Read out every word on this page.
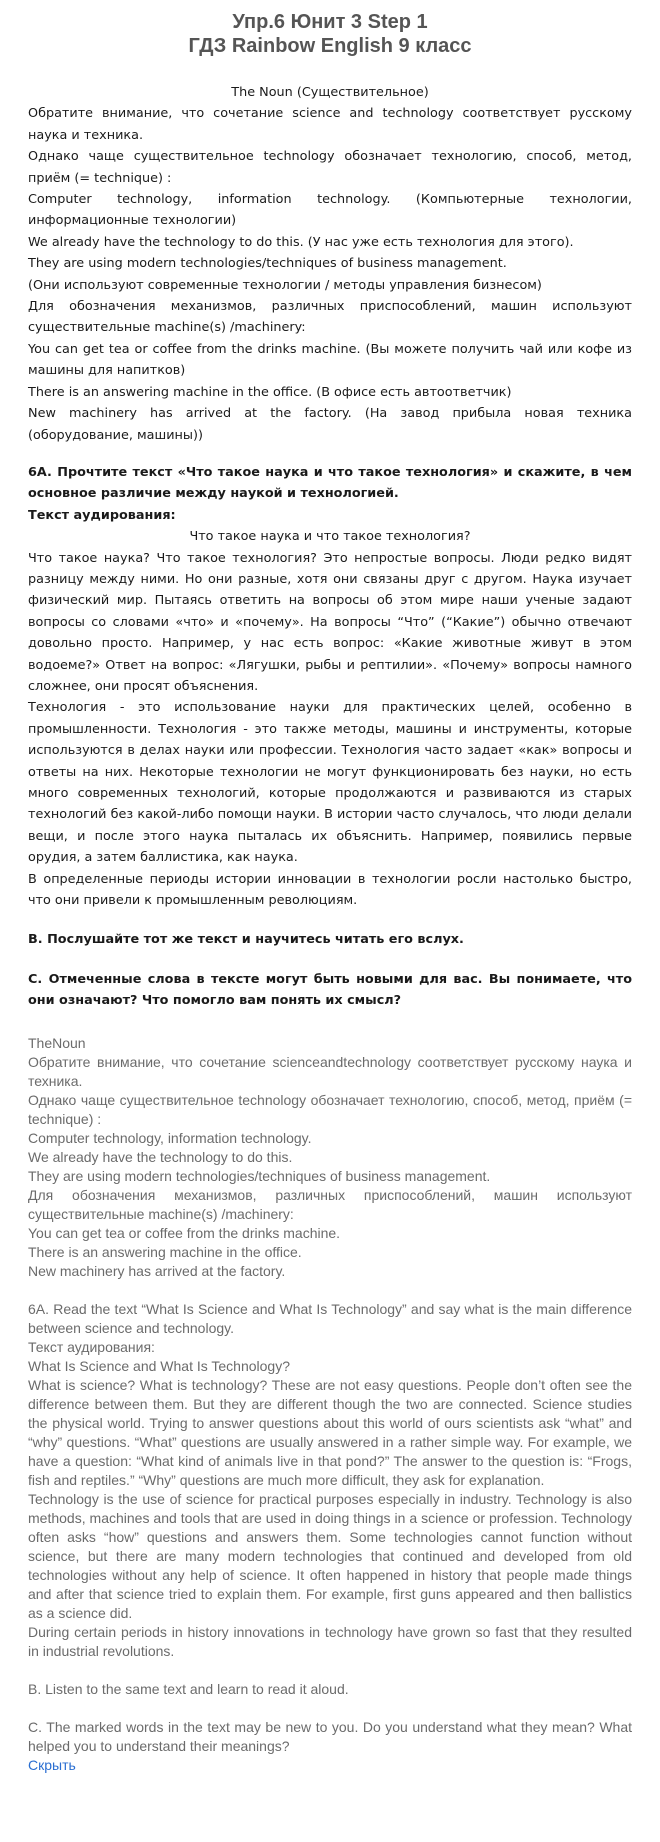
Упр.6 Юнит 3 Step 1
ГДЗ Rainbow English 9 класс

The Noun (Существительное)

Обратите внимание, что сочетание science and technology соответствует русскому наука и техника.

Однако чаще существительное technology обозначает технологию, способ, метод, приём (= technique) :

Computer technology, information technology. (Компьютерные технологии, информационные технологии)

We already have the technology to do this. (У нас уже есть технология для этого).

They are using modern technologies/techniques of business management.

(Они используют современные технологии / методы управления бизнесом)

Для обозначения механизмов, различных приспособлений, машин используют существительные machine(s) /machinery:

You can get tea or coffee from the drinks machine. (Вы можете получить чай или кофе из машины для напитков)

There is an answering machine in the office. (В офисе есть автоответчик)

New machinery has arrived at the factory. (На завод прибыла новая техника (оборудование, машины))

6A. Прочтите текст «Что такое наука и что такое технология» и скажите, в чем основное различие между наукой и технологией.

Текст аудирования:

Что такое наука и что такое технология?

Что такое наука? Что такое технология? Это непростые вопросы. Люди редко видят разницу между ними. Но они разные, хотя они связаны друг с другом. Наука изучает физический мир. Пытаясь ответить на вопросы об этом мире наши ученые задают вопросы со словами «что» и «почему». На вопросы “Что” (“Какие”) обычно отвечают довольно просто. Например, у нас есть вопрос: «Какие животные живут в этом водоеме?» Ответ на вопрос: «Лягушки, рыбы и рептилии». «Почему» вопросы намного сложнее, они просят объяснения.

Технология - это использование науки для практических целей, особенно в промышленности. Технология - это также методы, машины и инструменты, которые используются в делах науки или профессии. Технология часто задает «как» вопросы и ответы на них. Некоторые технологии не могут функционировать без науки, но есть много современных технологий, которые продолжаются и развиваются из старых технологий без какой-либо помощи науки. В истории часто случалось, что люди делали вещи, и после этого наука пыталась их объяснить. Например, появились первые орудия, а затем баллистика, как наука.

В определенные периоды истории инновации в технологии росли настолько быстро, что они привели к промышленным революциям.

B. Послушайте тот же текст и научитесь читать его вслух.

C. Отмеченные слова в тексте могут быть новыми для вас. Вы понимаете, что они означают? Что помогло вам понять их смысл?

TheNoun

Обратите внимание, что сочетание scienceandtechnology соответствует русскому наука и техника.

Однако чаще существительное technology обозначает технологию, способ, метод, приём (= technique) :

Computer technology, information technology.

We already have the technology to do this.

They are using modern technologies/techniques of business management.

Для обозначения механизмов, различных приспособлений, машин используют существительные machine(s) /machinery:

You can get tea or coffee from the drinks machine.

There is an answering machine in the office.

New machinery has arrived at the factory.

6A. Read the text “What Is Science and What Is Technology” and say what is the main difference between science and technology.

Текст аудирования:

What Is Science and What Is Technology?

What is science? What is technology? These are not easy questions. People don’t often see the difference between them. But they are different though the two are connected. Science studies the physical world. Trying to answer questions about this world of ours scientists ask “what” and “why” questions. “What” questions are usually answered in a rather simple way. For example, we have a question: “What kind of animals live in that pond?” The answer to the question is: “Frogs, fish and reptiles.” “Why” questions are much more difficult, they ask for explanation.

Technology is the use of science for practical purposes especially in industry. Technology is also methods, machines and tools that are used in doing things in a science or profession. Technology often asks “how” questions and answers them. Some technologies cannot function without science, but there are many modern technologies that continued and developed from old technologies without any help of science. It often happened in history that people made things and after that science tried to explain them. For example, first guns appeared and then ballistics as a science did.

During certain periods in history innovations in technology have grown so fast that they resulted in industrial revolutions.

B. Listen to the same text and learn to read it aloud.

C. The marked words in the text may be new to you. Do you understand what they mean? What helped you to understand their meanings?

Скрыть
